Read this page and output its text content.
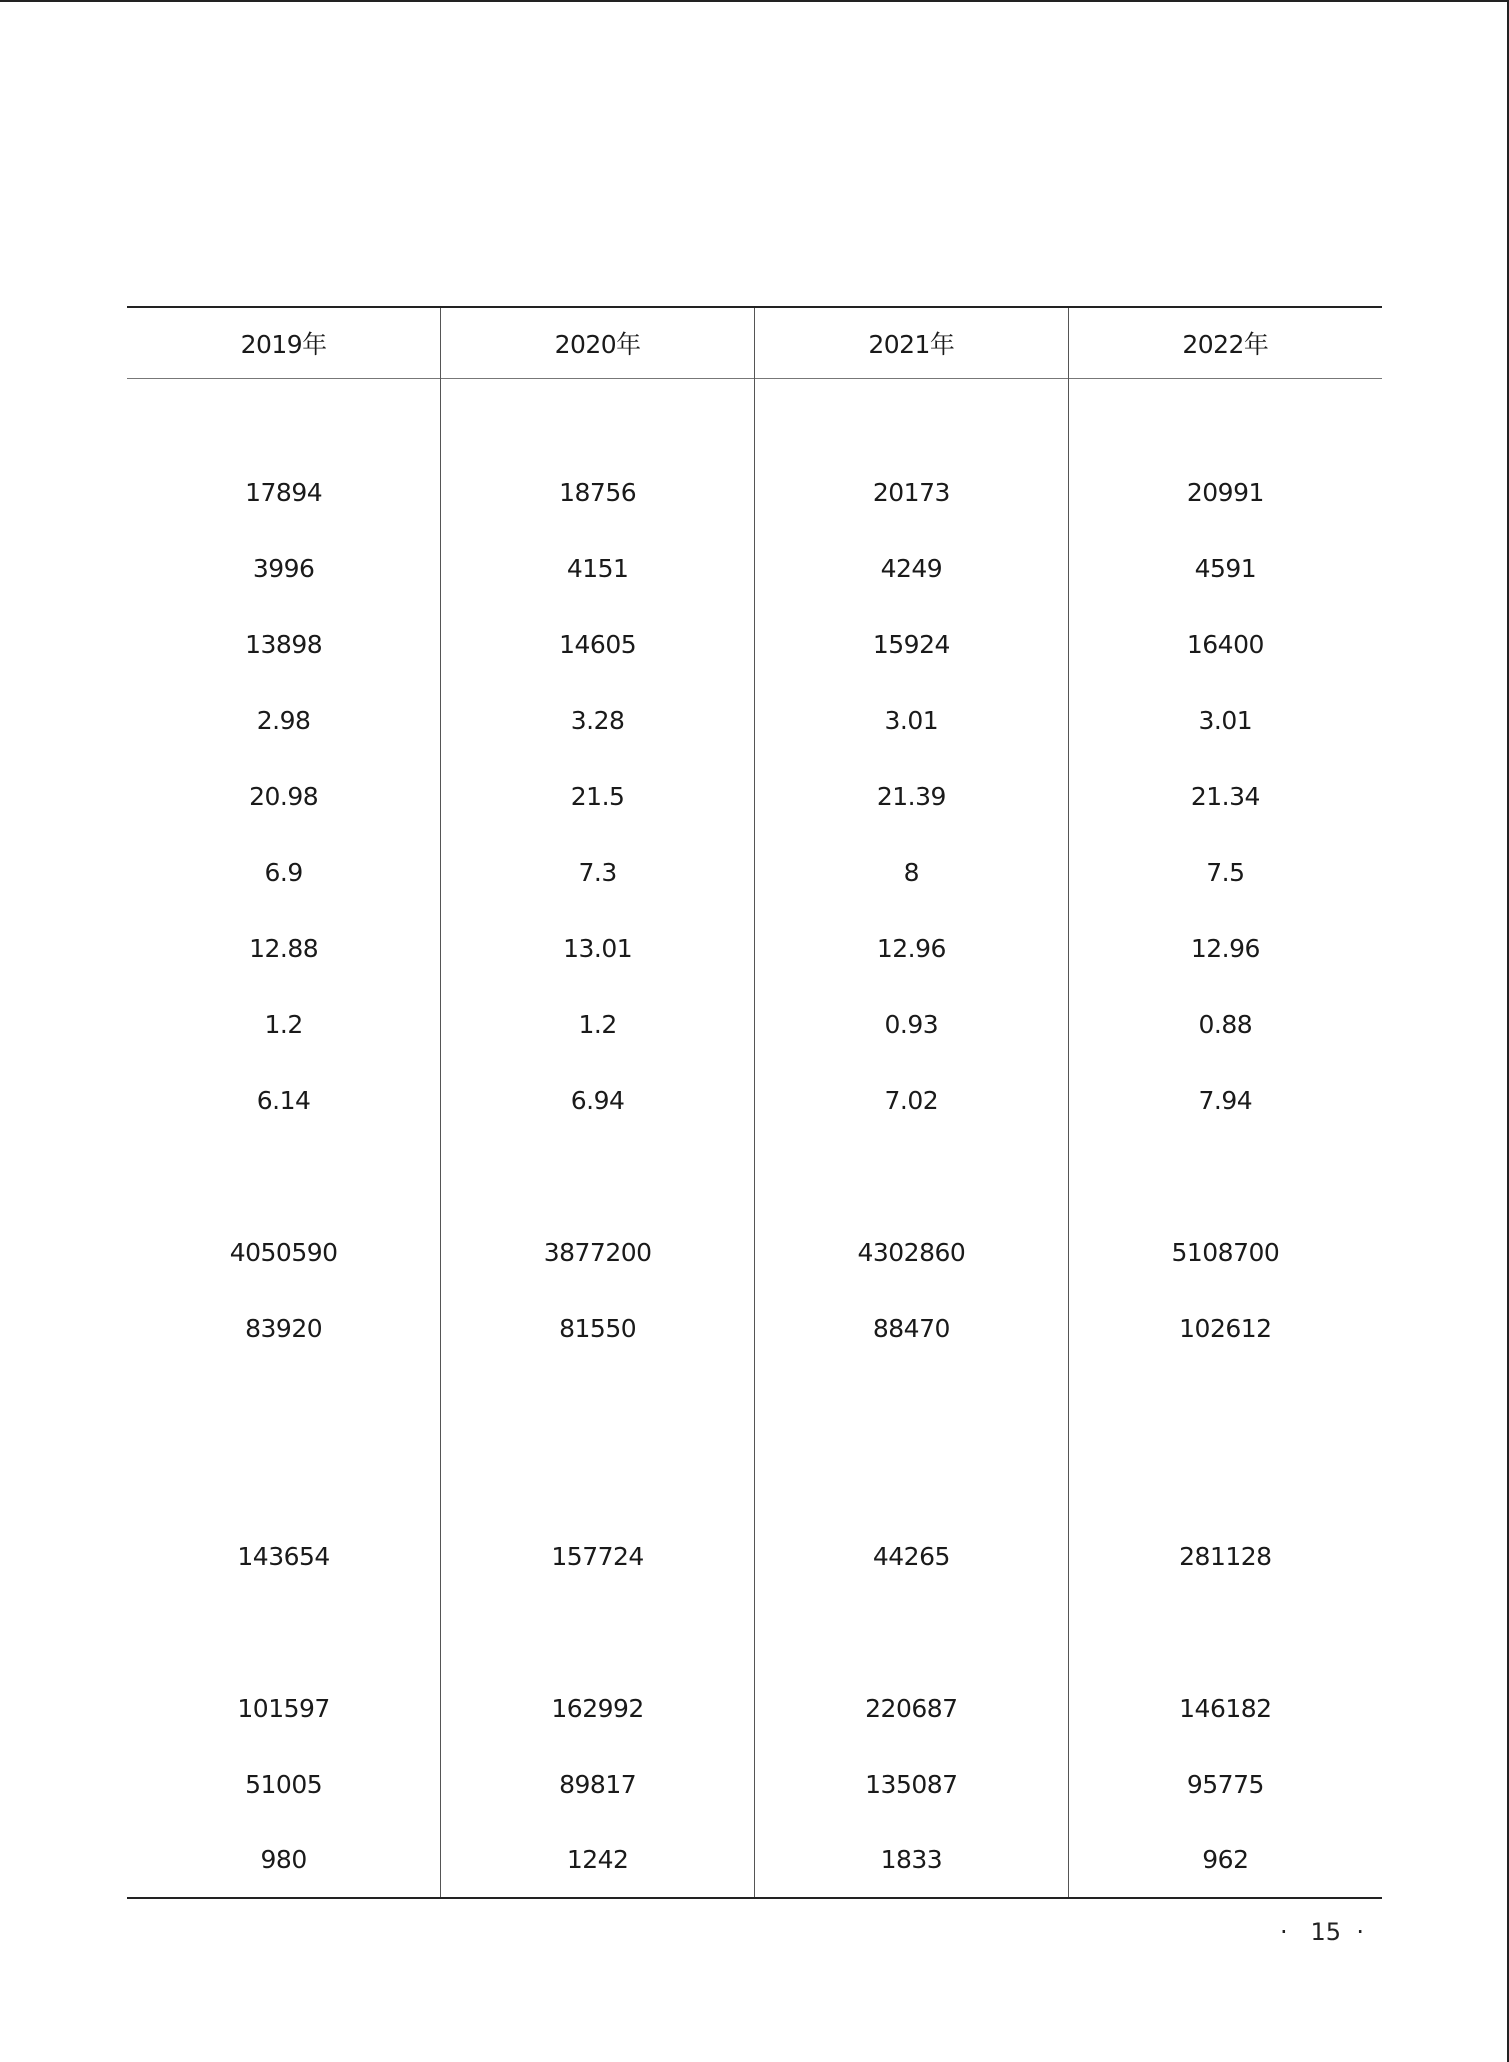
2019年	2020年	2021年	2022年

17894	18756	20173	20991
3996	4151	4249	4591
13898	14605	15924	16400
2.98	3.28	3.01	3.01
20.98	21.5	21.39	21.34
6.9	7.3	8	7.5
12.88	13.01	12.96	12.96
1.2	1.2	0.93	0.88
6.14	6.94	7.02	7.94

4050590	3877200	4302860	5108700
83920	81550	88470	102612

143654	157724	44265	281128

101597	162992	220687	146182
51005	89817	135087	95775
980	1242	1833	962
·   15  ·
